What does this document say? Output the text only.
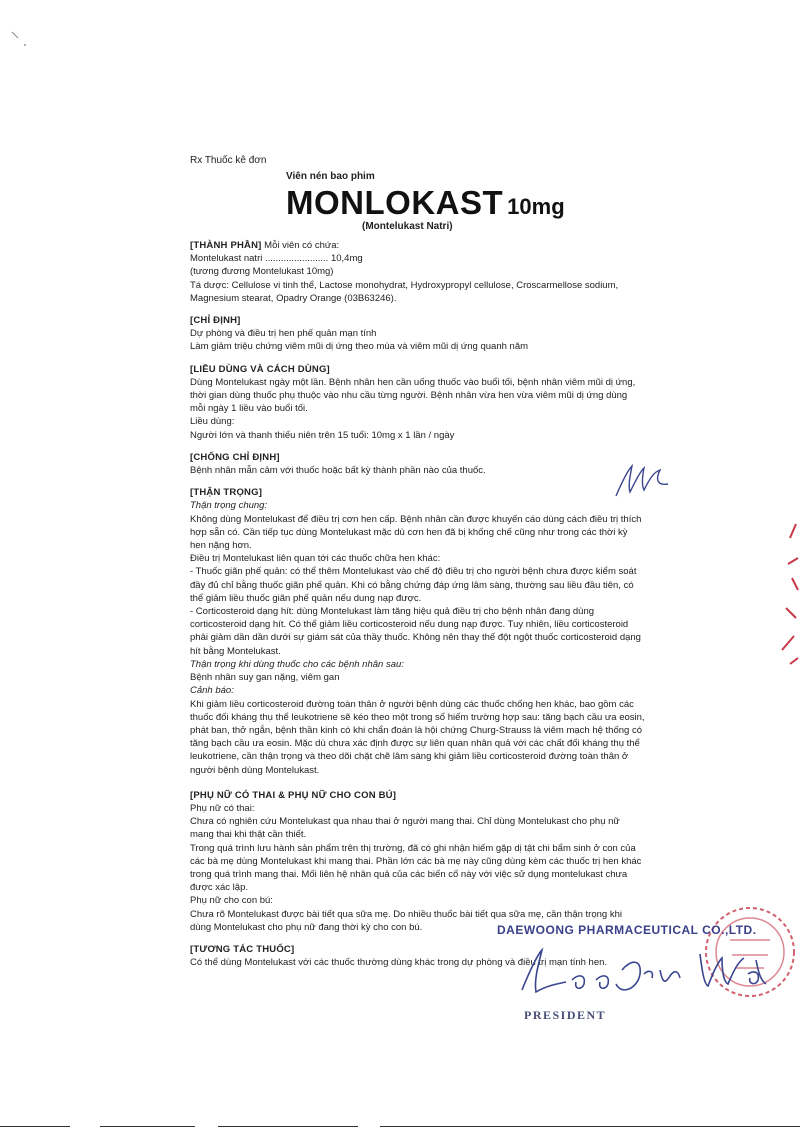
Rx Thuốc kê đơn
Viên nén bao phim
MONLOKAST 10mg
(Montelukast Natri)
[THÀNH PHẦN] Mỗi viên có chứa:
Montelukast natri ........................ 10,4mg
(tương đương Montelukast 10mg)
Tá dược: Cellulose vi tinh thể, Lactose monohydrat, Hydroxypropyl cellulose, Croscarmellose sodium, Magnesium stearat, Opadry Orange (03B63246).
[CHỈ ĐỊNH]
Dự phòng và điều trị hen phế quản mạn tính
Làm giảm triệu chứng viêm mũi dị ứng theo mùa và viêm mũi dị ứng quanh năm
[LIỀU DÙNG VÀ CÁCH DÙNG]
Dùng Montelukast ngày một lần. Bệnh nhân hen cần uống thuốc vào buổi tối, bệnh nhân viêm mũi dị ứng, thời gian dùng thuốc phụ thuộc vào nhu cầu từng người. Bệnh nhân vừa hen vừa viêm mũi dị ứng dùng mỗi ngày 1 liều vào buổi tối.
Liều dùng:
Người lớn và thanh thiếu niên trên 15 tuổi: 10mg x 1 lần / ngày
[CHỐNG CHỈ ĐỊNH]
Bệnh nhân mẫn cảm với thuốc hoặc bất kỳ thành phần nào của thuốc.
[THẬN TRỌNG]
Thận trọng chung:
Không dùng Montelukast để điều trị cơn hen cấp. Bệnh nhân cần được khuyến cáo dùng cách điều trị thích hợp sẵn có. Cần tiếp tục dùng Montelukast mặc dù cơn hen đã bị khống chế cũng như trong các thời kỳ hen nặng hơn.
Điều trị Montelukast liên quan tới các thuốc chữa hen khác:
- Thuốc giãn phế quản: có thể thêm Montelukast vào chế độ điều trị cho người bệnh chưa được kiểm soát đầy đủ chỉ bằng thuốc giãn phế quản. Khi có bằng chứng đáp ứng lâm sàng, thường sau liều đầu tiên, có thể giảm liều thuốc giãn phế quản nếu dung nạp được.
- Corticosteroid dạng hít: dùng Montelukast làm tăng hiệu quả điều trị cho bệnh nhân đang dùng corticosteroid dạng hít. Có thể giảm liều corticosteroid nếu dung nạp được. Tuy nhiên, liều corticosteroid phải giảm dần dần dưới sự giám sát của thầy thuốc. Không nên thay thế đột ngột thuốc corticosteroid dạng hít bằng Montelukast.
Thận trọng khi dùng thuốc cho các bệnh nhân sau:
Bệnh nhân suy gan nặng, viêm gan
Cảnh báo:
Khi giảm liều corticosteroid đường toàn thân ở người bệnh dùng các thuốc chống hen khác, bao gồm các thuốc đối kháng thụ thể leukotriene sẽ kéo theo một trong số hiếm trường hợp sau: tăng bạch cầu ưa eosin, phát ban, thở ngắn, bệnh thần kinh có khi chẩn đoán là hội chứng Churg-Strauss là viêm mạch hệ thống có tăng bạch cầu ưa eosin. Mặc dù chưa xác định được sự liên quan nhân quả với các chất đối kháng thụ thể leukotriene, cần thận trọng và theo dõi chặt chẽ lâm sàng khi giảm liều corticosteroid đường toàn thân ở người bệnh dùng Montelukast.
[PHỤ NỮ CÓ THAI & PHỤ NỮ CHO CON BÚ]
Phụ nữ có thai:
Chưa có nghiên cứu Montelukast qua nhau thai ở người mang thai. Chỉ dùng Montelukast cho phụ nữ mang thai khi thật cần thiết.
Trong quá trình lưu hành sản phẩm trên thị trường, đã có ghi nhận hiếm gặp dị tật chi bẩm sinh ở con của các bà mẹ dùng Montelukast khi mang thai. Phần lớn các bà mẹ này cũng dùng kèm các thuốc trị hen khác trong quá trình mang thai. Mối liên hệ nhân quả của các biến cố này với việc sử dụng montelukast chưa được xác lập.
Phụ nữ cho con bú:
Chưa rõ Montelukast được bài tiết qua sữa mẹ. Do nhiều thuốc bài tiết qua sữa mẹ, cần thận trọng khi dùng Montelukast cho phụ nữ đang thời kỳ cho con bú.
[TƯƠNG TÁC THUỐC]
Có thể dùng Montelukast với các thuốc thường dùng khác trong dự phòng và điều trị mạn tính hen.
DAEWOONG PHARMACEUTICAL CO.,LTD.
PRESIDENT
